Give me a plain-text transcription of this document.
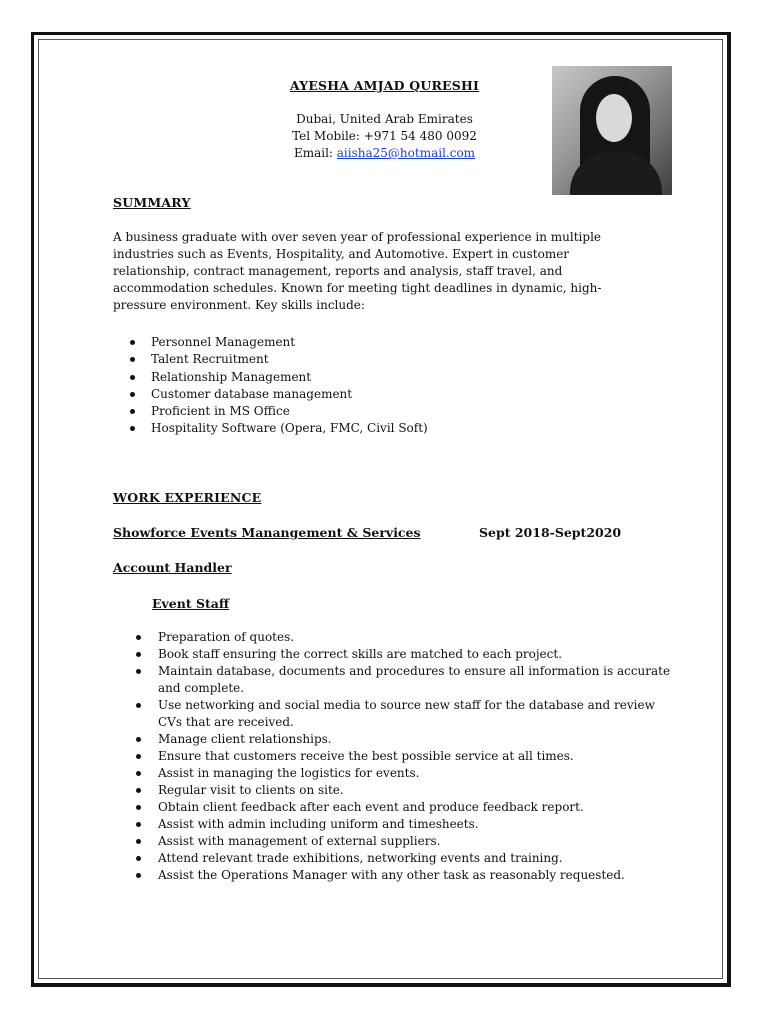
AYESHA AMJAD QURESHI
Dubai, United Arab Emirates
Tel Mobile: +971 54 480 0092
Email: aiisha25@hotmail.com
SUMMARY
A business graduate with over seven year of professional experience in multiple industries such as Events, Hospitality, and Automotive. Expert in customer relationship, contract management, reports and analysis, staff travel, and accommodation schedules. Known for meeting tight deadlines in dynamic, high-pressure environment. Key skills include:
Personnel Management
Talent Recruitment
Relationship Management
Customer database management
Proficient in MS Office
Hospitality Software (Opera, FMC, Civil Soft)
WORK EXPERIENCE
Showforce Events Manangement & Services	Sept 2018-Sept2020
Account Handler
Event Staff
Preparation of quotes.
Book staff ensuring the correct skills are matched to each project.
Maintain database, documents and procedures to ensure all information is accurate and complete.
Use networking and social media to source new staff for the database and review CVs that are received.
Manage client relationships.
Ensure that customers receive the best possible service at all times.
Assist in managing the logistics for events.
Regular visit to clients on site.
Obtain client feedback after each event and produce feedback report.
Assist with admin including uniform and timesheets.
Assist with management of external suppliers.
Attend relevant trade exhibitions, networking events and training.
Assist the Operations Manager with any other task as reasonably requested.
